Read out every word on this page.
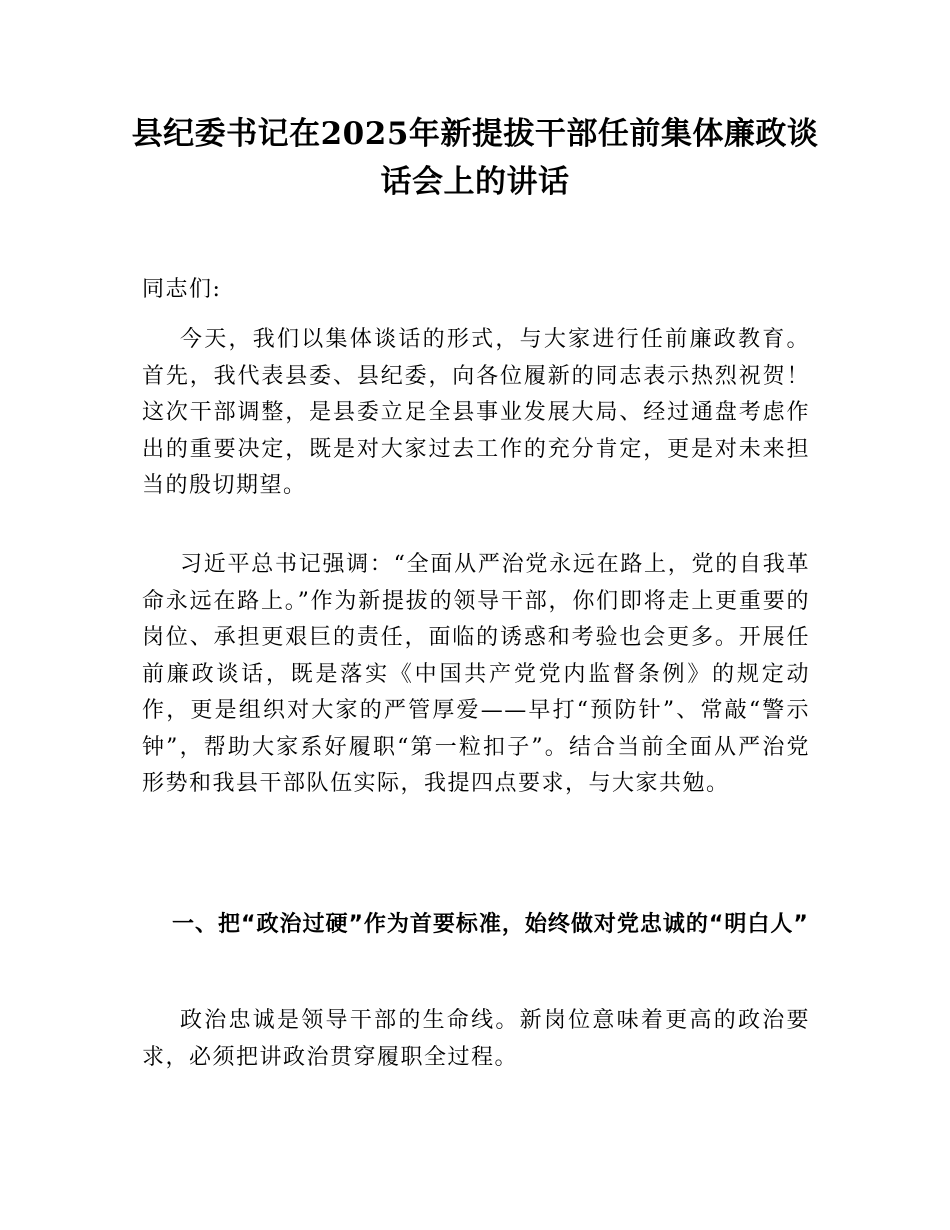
县纪委书记在2025年新提拔干部任前集体廉政谈话会上的讲话

同志们:

今天，我们以集体谈话的形式，与大家进行任前廉政教育。首先，我代表县委、县纪委，向各位履新的同志表示热烈祝贺！这次干部调整，是县委立足全县事业发展大局、经过通盘考虑作出的重要决定，既是对大家过去工作的充分肯定，更是对未来担当的殷切期望。

习近平总书记强调：“全面从严治党永远在路上，党的自我革命永远在路上。”作为新提拔的领导干部，你们即将走上更重要的岗位、承担更艰巨的责任，面临的诱惑和考验也会更多。开展任前廉政谈话，既是落实《中国共产党党内监督条例》的规定动作，更是组织对大家的严管厚爱——早打“预防针”、常敲“警示钟”，帮助大家系好履职“第一粒扣子”。结合当前全面从严治党形势和我县干部队伍实际，我提四点要求，与大家共勉。

一、把“政治过硬”作为首要标准，始终做对党忠诚的“明白人”

政治忠诚是领导干部的生命线。新岗位意味着更高的政治要求，必须把讲政治贯穿履职全过程。
